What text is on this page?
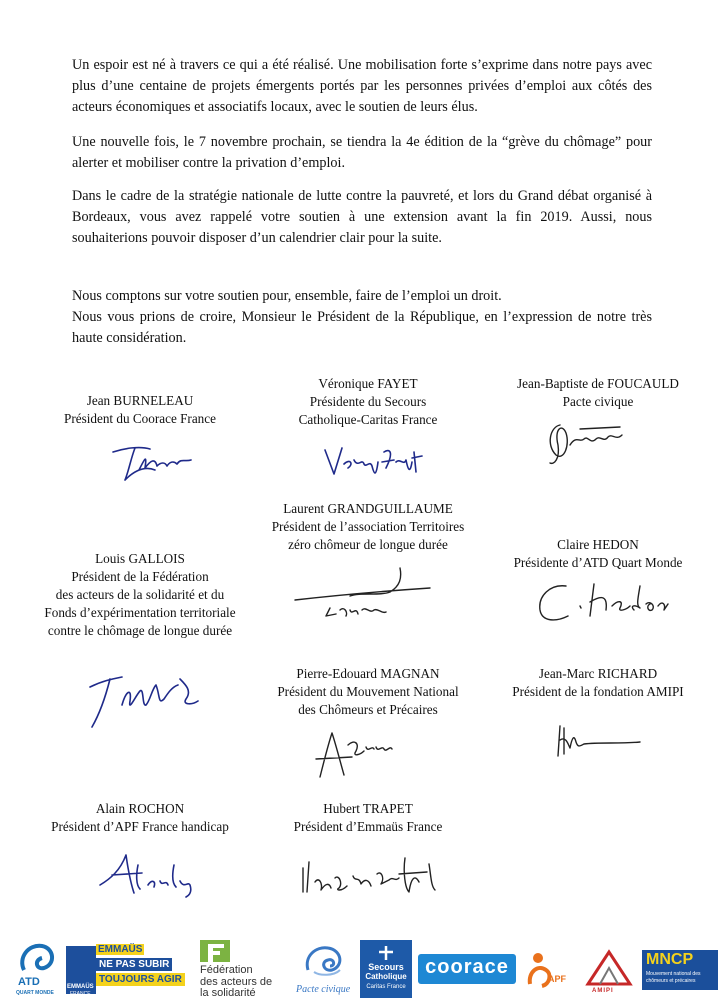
Un espoir est né à travers ce qui a été réalisé. Une mobilisation forte s’exprime dans notre pays avec plus d’une centaine de projets émergents portés par les personnes privées d’emploi aux côtés des acteurs économiques et associatifs locaux, avec le soutien de leurs élus.

Une nouvelle fois, le 7 novembre prochain, se tiendra la 4e édition de la “grève du chômage” pour alerter et mobiliser contre la privation d’emploi.

Dans le cadre de la stratégie nationale de lutte contre la pauvreté, et lors du Grand débat organisé à Bordeaux, vous avez rappelé votre soutien à une extension avant la fin 2019. Aussi, nous souhaiterions pouvoir disposer d’un calendrier clair pour la suite.

Nous comptons sur votre soutien pour, ensemble, faire de l’emploi un droit.
Nous vous prions de croire, Monsieur le Président de la République, en l’expression de notre très haute considération.

Jean BURNELEAU
Président du Coorace France
Véronique FAYET
Présidente du Secours
Catholique-Caritas France
Jean-Baptiste de FOUCAULD
Pacte civique
Laurent GRANDGUILLAUME
Président de l’association Territoires
zéro chômeur de longue durée
Louis GALLOIS
Président de la Fédération
des acteurs de la solidarité et du
Fonds d’expérimentation territoriale
contre le chômage de longue durée
Claire HEDON
Présidente d’ATD Quart Monde
Pierre-Edouard MAGNAN
Président du Mouvement National
des Chômeurs et Précaires
Jean-Marc RICHARD
Président de la fondation AMIPI
Alain ROCHON
Président d’APF France handicap
Hubert TRAPET
Président d’Emmaüs France
ATD
QUART MONDE
EMMAÜS
FRANCE
EMMAÜS
NE PAS SUBIR
TOUJOURS AGIR
Fédération
des acteurs de
la solidarité	Pacte civique
Secours
Catholique
Caritas France
coorace
APF
AMIPI
MNCP
Mouvement national des
chômeurs et précaires
